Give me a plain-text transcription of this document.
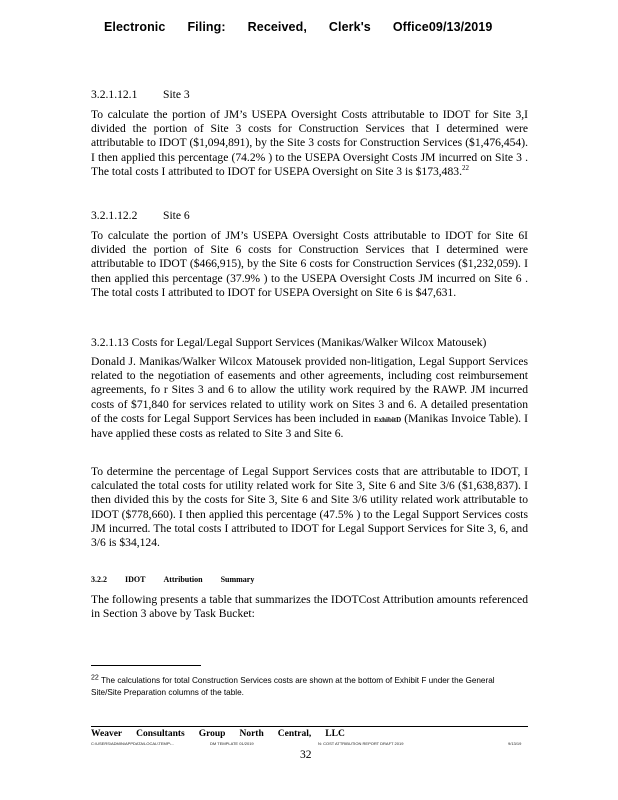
Electronic Filing: Received, Clerk's Office09/13/2019
3.2.1.12.1 Site 3
To calculate the portion of JM’s USEPA Oversight Costs attributable to IDOT for Site 3,I divided the portion of Site 3 costs for Construction Services that I determined were attributable to IDOT ($1,094,891), by the Site 3 costs for Construction Services ($1,476,454). I then applied this percentage (74.2% ) to the USEPA Oversight Costs JM incurred on Site 3 . The total costs I attributed to IDOT for USEPA Oversight on Site 3 is $173,483.22
3.2.1.12.2 Site 6
To calculate the portion of JM’s USEPA Oversight Costs attributable to IDOT for Site 6I divided the portion of Site 6 costs for Construction Services that I determined were attributable to IDOT ($466,915), by the Site 6 costs for Construction Services ($1,232,059). I then applied this percentage (37.9% ) to the USEPA Oversight Costs JM incurred on Site 6 . The total costs I attributed to IDOT for USEPA Oversight on Site 6 is $47,631.
3.2.1.13 Costs for Legal/Legal Support Services (Manikas/Walker Wilcox Matousek)
Donald J. Manikas/Walker Wilcox Matousek provided non-litigation, Legal Support Services related to the negotiation of easements and other agreements, including cost reimbursement agreements, fo r Sites 3 and 6 to allow the utility work required by the RAWP. JM incurred costs of $71,840 for services related to utility work on Sites 3 and 6. A detailed presentation of the costs for Legal Support Services has been included in ExhibitD (Manikas Invoice Table). I have applied these costs as related to Site 3 and Site 6.
To determine the percentage of Legal Support Services costs that are attributable to IDOT, I calculated the total costs for utility related work for Site 3, Site 6 and Site 3/6 ($1,638,837). I then divided this by the costs for Site 3, Site 6 and Site 3/6 utility related work attributable to IDOT ($778,660). I then applied this percentage (47.5% ) to the Legal Support Services costs JM incurred. The total costs I attributed to IDOT for Legal Support Services for Site 3, 6, and 3/6 is $34,124.
3.2.2 IDOT Attribution Summary
The following presents a table that summarizes the IDOTCost Attribution amounts referenced in Section 3 above by Task Bucket:
22 The calculations for total Construction Services costs are shown at the bottom of Exhibit F under the General Site/Site Preparation columns of the table.
Weaver Consultants Group North Central, LLC
C:\USERS\ADMIN\APPDATA\LOCAL\TEMP\...	DM TEMPLATE 01/2019	N: COST ATTRIBUTION REPORT DRAFT 2019	9/13/19
32
